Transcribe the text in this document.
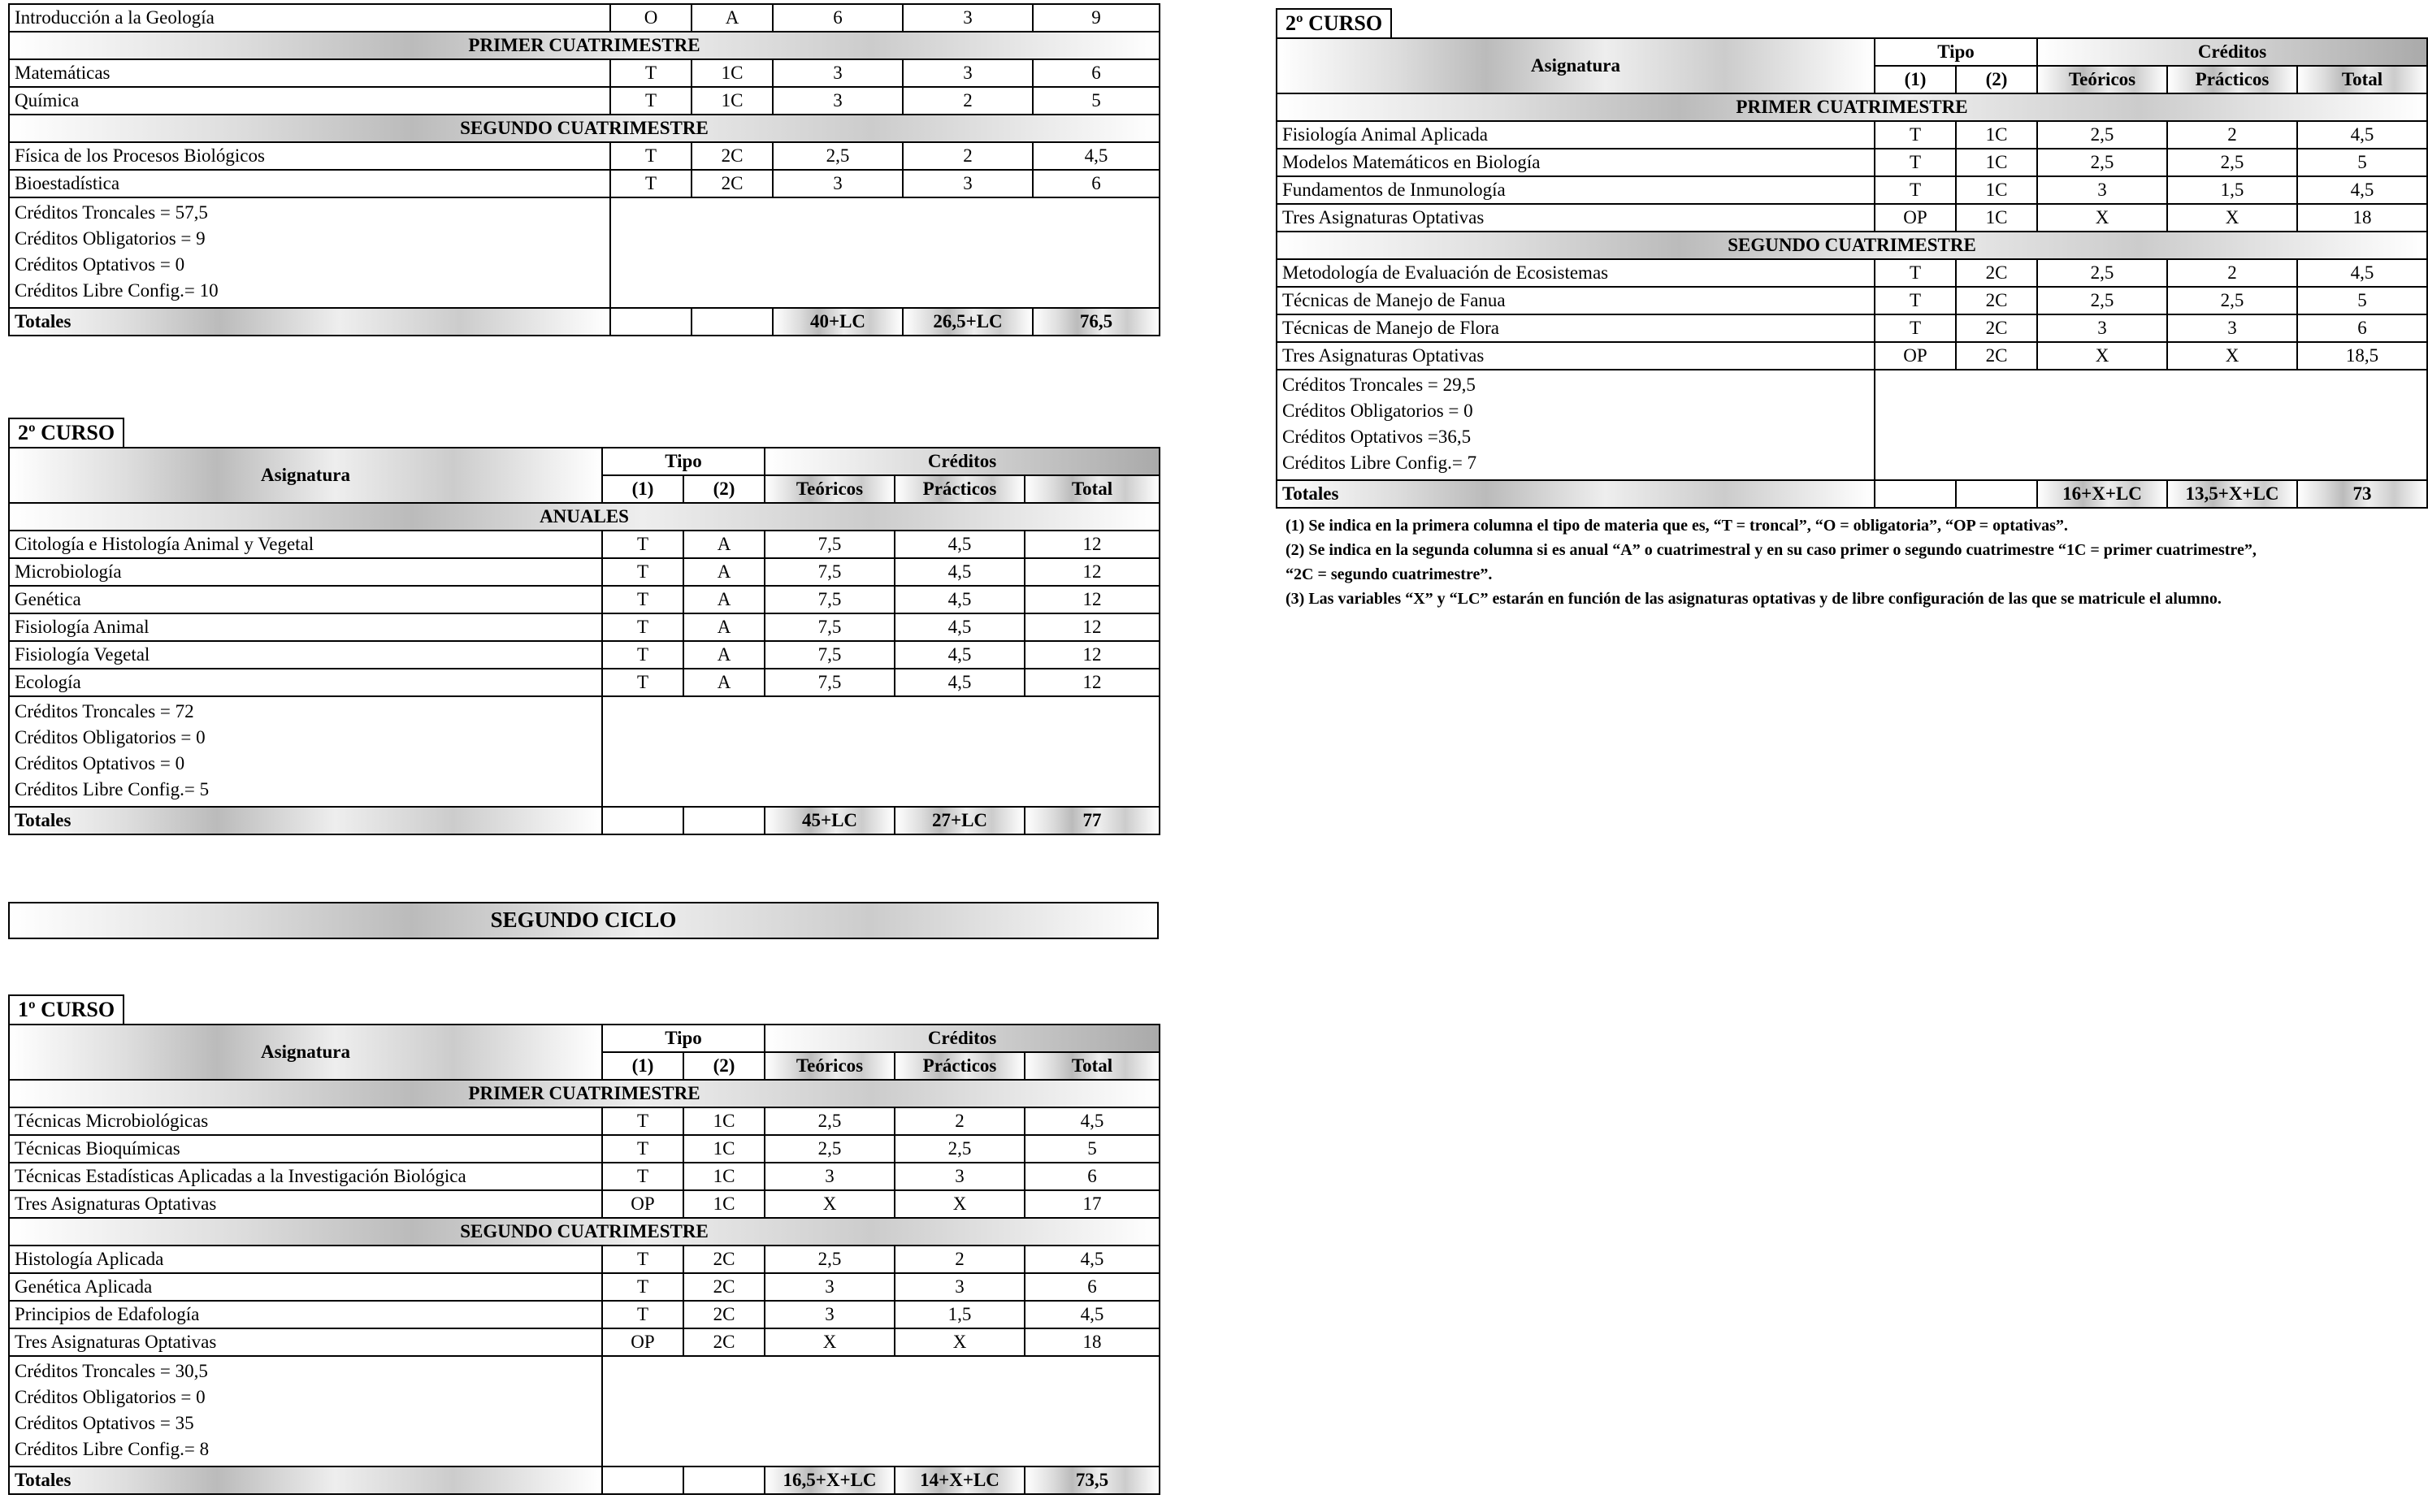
Introducción a la Geología	O	A	6	3	9
PRIMER CUATRIMESTRE					
Matemáticas	T	1C	3	3	6
Química	T	1C	3	2	5
SEGUNDO CUATRIMESTRE					
Física de los Procesos Biológicos	T	2C	2,5	2	4,5
Bioestadística	T	2C	3	3	6

Créditos Troncales = 57,5
Créditos Obligatorios = 9
Créditos Optativos = 0
Créditos Libre Config.= 10					

Totales			40+LC	26,5+LC	76,5
2º CURSO
Asignatura	Tipo		Créditos		
	(1)	(2)	Teóricos	Prácticos	Total
ANUALES					
Citología e Histología Animal y Vegetal	T	A	7,5	4,5	12
Microbiología	T	A	7,5	4,5	12
Genética	T	A	7,5	4,5	12
Fisiología Animal	T	A	7,5	4,5	12
Fisiología Vegetal	T	A	7,5	4,5	12
Ecología	T	A	7,5	4,5	12

Créditos Troncales = 72
Créditos Obligatorios = 0
Créditos Optativos = 0
Créditos Libre Config.= 5					

Totales			45+LC	27+LC	77
SEGUNDO CICLO
1º CURSO
Asignatura	Tipo		Créditos		
	(1)	(2)	Teóricos	Prácticos	Total
PRIMER CUATRIMESTRE					
Técnicas Microbiológicas	T	1C	2,5	2	4,5
Técnicas Bioquímicas	T	1C	2,5	2,5	5
Técnicas Estadísticas Aplicadas a la Investigación Biológica	T	1C	3	3	6
Tres Asignaturas Optativas	OP	1C	X	X	17
SEGUNDO CUATRIMESTRE					
Histología Aplicada	T	2C	2,5	2	4,5
Genética Aplicada	T	2C	3	3	6
Principios de Edafología	T	2C	3	1,5	4,5
Tres Asignaturas Optativas	OP	2C	X	X	18

Créditos Troncales = 30,5
Créditos Obligatorios = 0
Créditos Optativos = 35
Créditos Libre Config.= 8					

Totales			16,5+X+LC	14+X+LC	73,5
2º CURSO
Asignatura	Tipo		Créditos		
	(1)	(2)	Teóricos	Prácticos	Total
PRIMER CUATRIMESTRE					
Fisiología Animal Aplicada	T	1C	2,5	2	4,5
Modelos Matemáticos en Biología	T	1C	2,5	2,5	5
Fundamentos de Inmunología	T	1C	3	1,5	4,5
Tres Asignaturas Optativas	OP	1C	X	X	18
SEGUNDO CUATRIMESTRE					
Metodología de Evaluación de Ecosistemas	T	2C	2,5	2	4,5
Técnicas de Manejo de Fanua	T	2C	2,5	2,5	5
Técnicas de Manejo de Flora	T	2C	3	3	6
Tres Asignaturas Optativas	OP	2C	X	X	18,5

Créditos Troncales = 29,5
Créditos Obligatorios = 0
Créditos Optativos =36,5
Créditos Libre Config.= 7					

Totales			16+X+LC	13,5+X+LC	73
(1) Se indica en la primera columna el tipo de materia que es, “T = troncal”, “O = obligatoria”, “OP = optativas”.
(2) Se indica en la segunda columna si es anual “A” o cuatrimestral y en su caso primer o segundo cuatrimestre “1C = primer cuatrimestre”,
“2C = segundo cuatrimestre”.
(3) Las variables “X” y “LC” estarán en función de las asignaturas optativas y de libre configuración de las que se matricule el alumno.
